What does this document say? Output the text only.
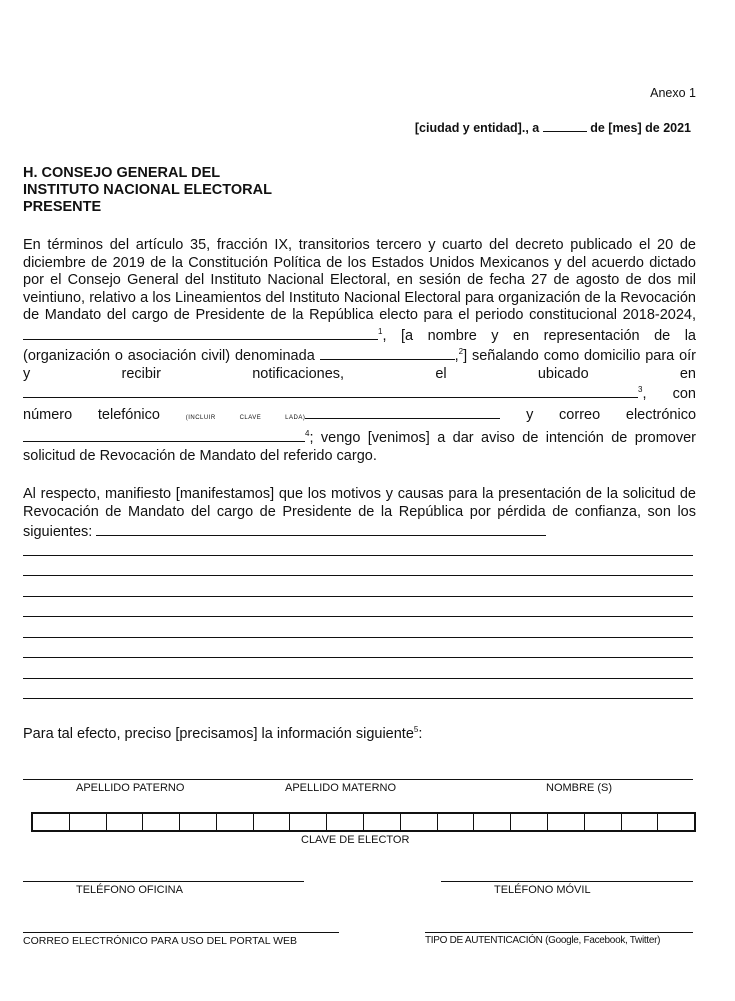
Anexo 1
[ciudad y entidad]., a	de [mes] de 2021
H. CONSEJO GENERAL DEL
INSTITUTO NACIONAL ELECTORAL
PRESENTE
En términos del artículo 35, fracción IX, transitorios tercero y cuarto del decreto publicado el 20 de diciembre de 2019 de la Constitución Política de los Estados Unidos Mexicanos y del acuerdo dictado por el Consejo General del Instituto Nacional Electoral, en sesión de fecha 27 de agosto de dos mil veintiuno, relativo a los Lineamientos del Instituto Nacional Electoral para organización de la Revocación de Mandato del cargo de Presidente de la República electo para el periodo constitucional 2018-2024, $^1$, [a nombre y en representación de la (organización o asociación civil) denominada	,$^2$] señalando como domicilio para oír y recibir notificaciones, el ubicado en $^3$, con número telefónico	(INCLUIR CLAVE LADA)	y correo electrónico $^4$; vengo [venimos] a dar aviso de intención de promover solicitud de Revocación de Mandato del referido cargo.
Al respecto, manifiesto [manifestamos] que los motivos y causas para la presentación de la solicitud de Revocación de Mandato del cargo de Presidente de la República por pérdida de confianza, son los siguientes:
Para tal efecto, preciso [precisamos] la información siguiente$^5$:
APELLIDO PATERNO	APELLIDO MATERNO	NOMBRE (S)
CLAVE DE ELECTOR
TELÉFONO OFICINA	TELÉFONO MÓVIL
CORREO ELECTRÓNICO PARA USO DEL PORTAL WEB	TIPO DE AUTENTICACIÓN (Google, Facebook, Twitter)
